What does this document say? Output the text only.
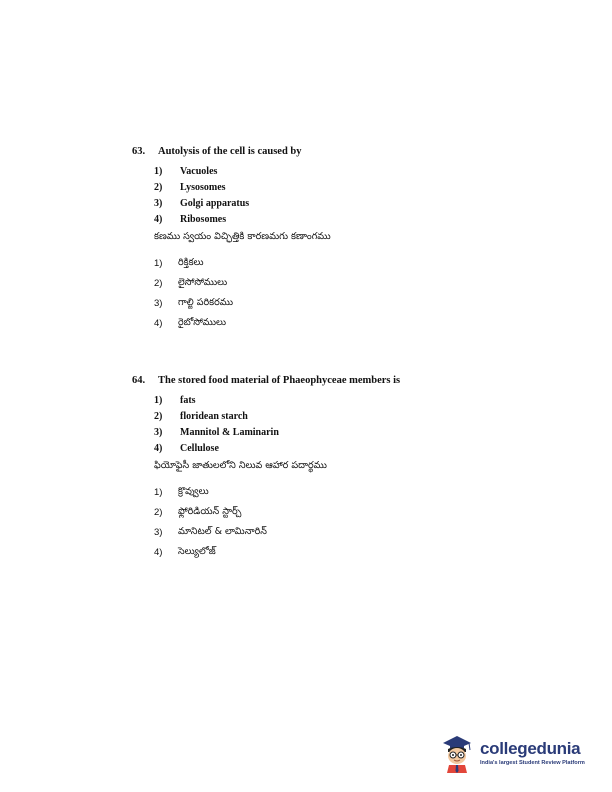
63. Autolysis of the cell is caused by
1)	Vacuoles
2)	Lysosomes
3)	Golgi apparatus
4)	Ribosomes
కణము స్వయం విచ్ఛిత్తికి కారణమగు కణాంగము
1)	రిక్తికలు
2)	లైసోసోములు
3)	గాల్జి పరికరము
4)	రైబోసోములు
64. The stored food material of Phaeophyceae members is
1)	fats
2)	floridean starch
3)	Mannitol & Laminarin
4)	Cellulose
ఫియోఫైసీ జాతులలోని నిలువ ఆహార పదార్థము
1)	క్రొవ్వులు
2)	ఫ్లోరిడియన్ స్టార్చ్
3)	మానిటల్ & లామినారిన్
4)	సెల్యులోజ్
collegedunia
India's largest Student Review Platform
